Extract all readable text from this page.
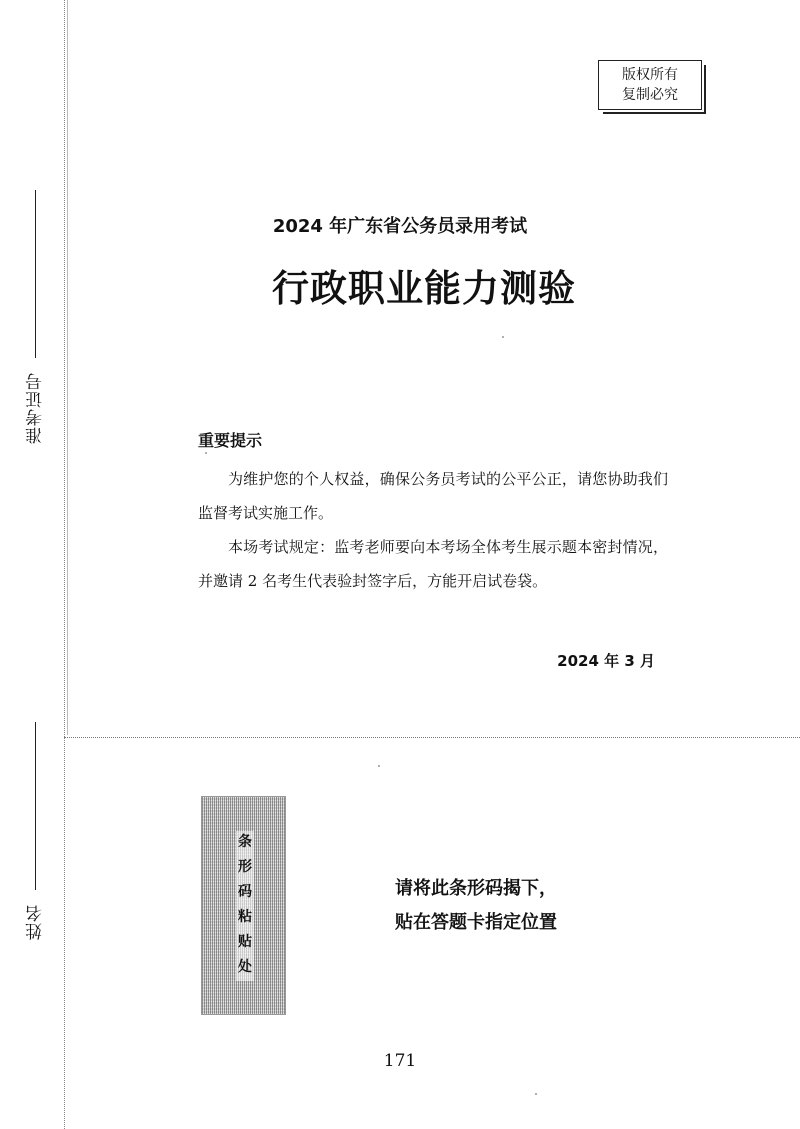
准考证号
姓名
版权所有
复制必究
2024 年广东省公务员录用考试
行政职业能力测验
重要提示

为维护您的个人权益，确保公务员考试的公平公正，请您协助我们监督考试实施工作。

本场考试规定：监考老师要向本考场全体考生展示题本密封情况，并邀请 2 名考生代表验封签字后，方能开启试卷袋。

2024 年 3 月
条
形
码
粘
贴
处
请将此条形码揭下，
贴在答题卡指定位置
171
